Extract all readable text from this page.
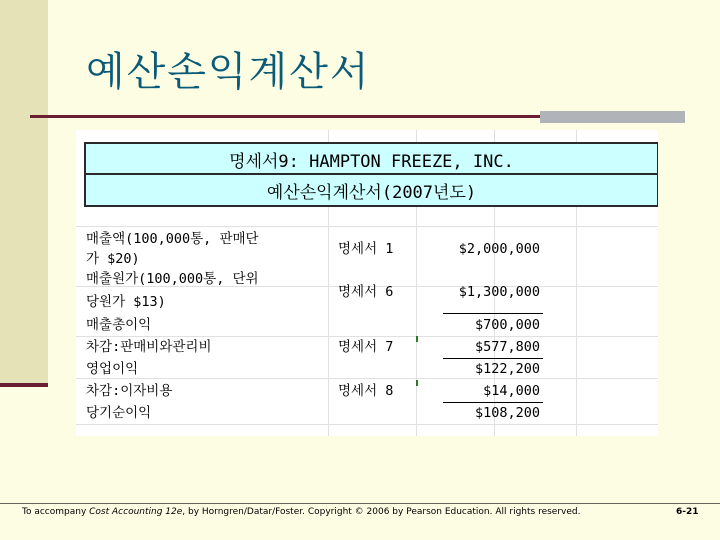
예산손익계산서
명세서9: HAMPTON FREEZE, INC.
예산손익계산서(2007년도)
매출액(100,000통, 판매단
가 $20)
매출원가(100,000통, 단위
당원가 $13)
매출총이익
차감:판매비와관리비
영업이익
차감:이자비용
당기순이익
명세서 1
명세서 6
명세서 7
명세서 8
$2,000,000
$1,300,000
$700,000
$577,800
$122,200
$14,000
$108,200
To accompany Cost Accounting 12e, by Horngren/Datar/Foster. Copyright © 2006 by Pearson Education. All rights reserved.	6-21
